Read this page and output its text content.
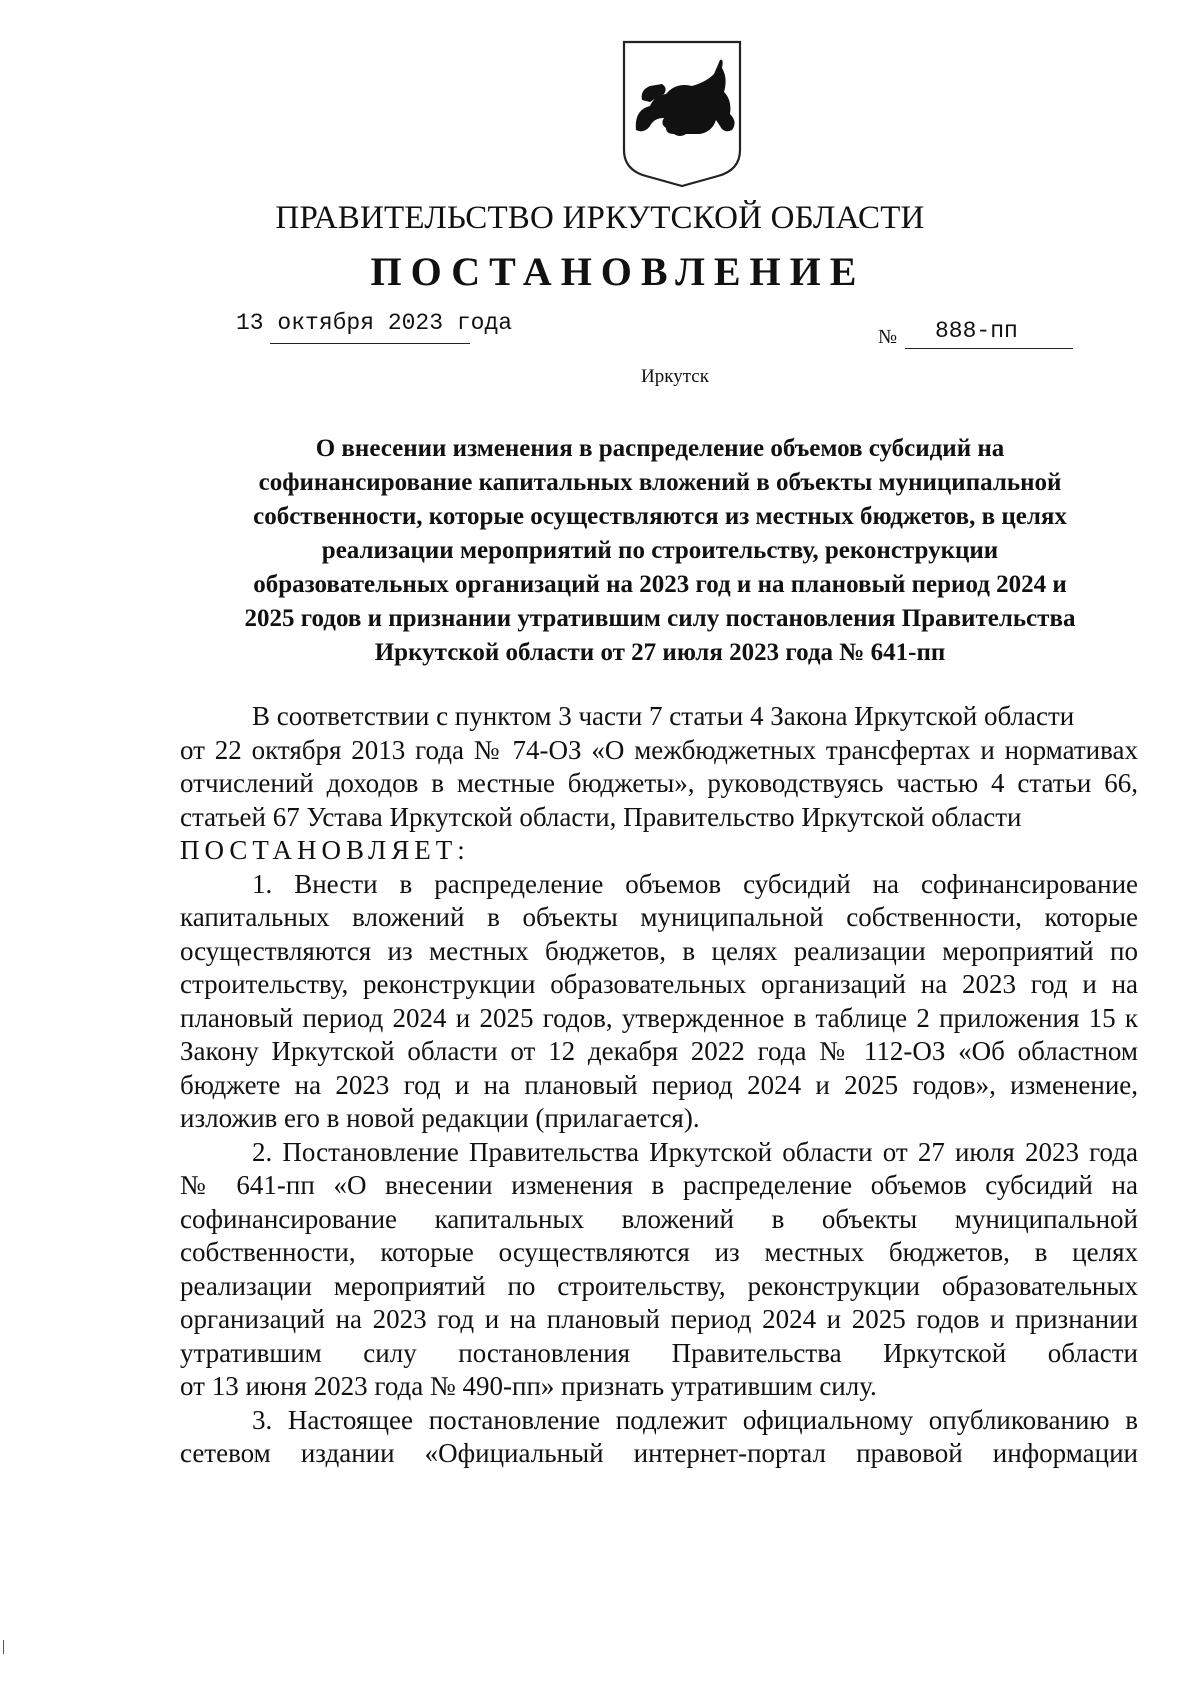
ПРАВИТЕЛЬСТВО ИРКУТСКОЙ ОБЛАСТИ
ПОСТАНОВЛЕНИЕ
13 октября 2023 года
№ 888-пп
Иркутск
О внесении изменения в распределение объемов субсидий на
софинансирование капитальных вложений в объекты муниципальной
собственности, которые осуществляются из местных бюджетов, в целях
реализации мероприятий по строительству, реконструкции
образовательных организаций на 2023 год и на плановый период 2024 и
2025 годов и признании утратившим силу постановления Правительства
Иркутской области от 27 июля 2023 года № 641-пп
В соответствии с пунктом 3 части 7 статьи 4 Закона Иркутской области
от 22 октября 2013 года № 74-ОЗ «О межбюджетных трансфертах и нормативах
отчислений доходов в местные бюджеты», руководствуясь частью 4 статьи 66,
статьей 67 Устава Иркутской области, Правительство Иркутской области
ПОСТАНОВЛЯЕТ:
1. Внести в распределение объемов субсидий на софинансирование
капитальных вложений в объекты муниципальной собственности, которые
осуществляются из местных бюджетов, в целях реализации мероприятий по
строительству, реконструкции образовательных организаций на 2023 год и на
плановый период 2024 и 2025 годов, утвержденное в таблице 2 приложения 15 к
Закону Иркутской области от 12 декабря 2022 года № 112-ОЗ «Об областном
бюджете на 2023 год и на плановый период 2024 и 2025 годов», изменение,
изложив его в новой редакции (прилагается).
2. Постановление Правительства Иркутской области от 27 июля 2023 года
№ 641-пп «О внесении изменения в распределение объемов субсидий на
софинансирование капитальных вложений в объекты муниципальной
собственности, которые осуществляются из местных бюджетов, в целях
реализации мероприятий по строительству, реконструкции образовательных
организаций на 2023 год и на плановый период 2024 и 2025 годов и признании
утратившим силу постановления Правительства Иркутской области
от 13 июня 2023 года № 490-пп» признать утратившим силу.
3. Настоящее постановление подлежит официальному опубликованию в
сетевом издании «Официальный интернет-портал правовой информации
